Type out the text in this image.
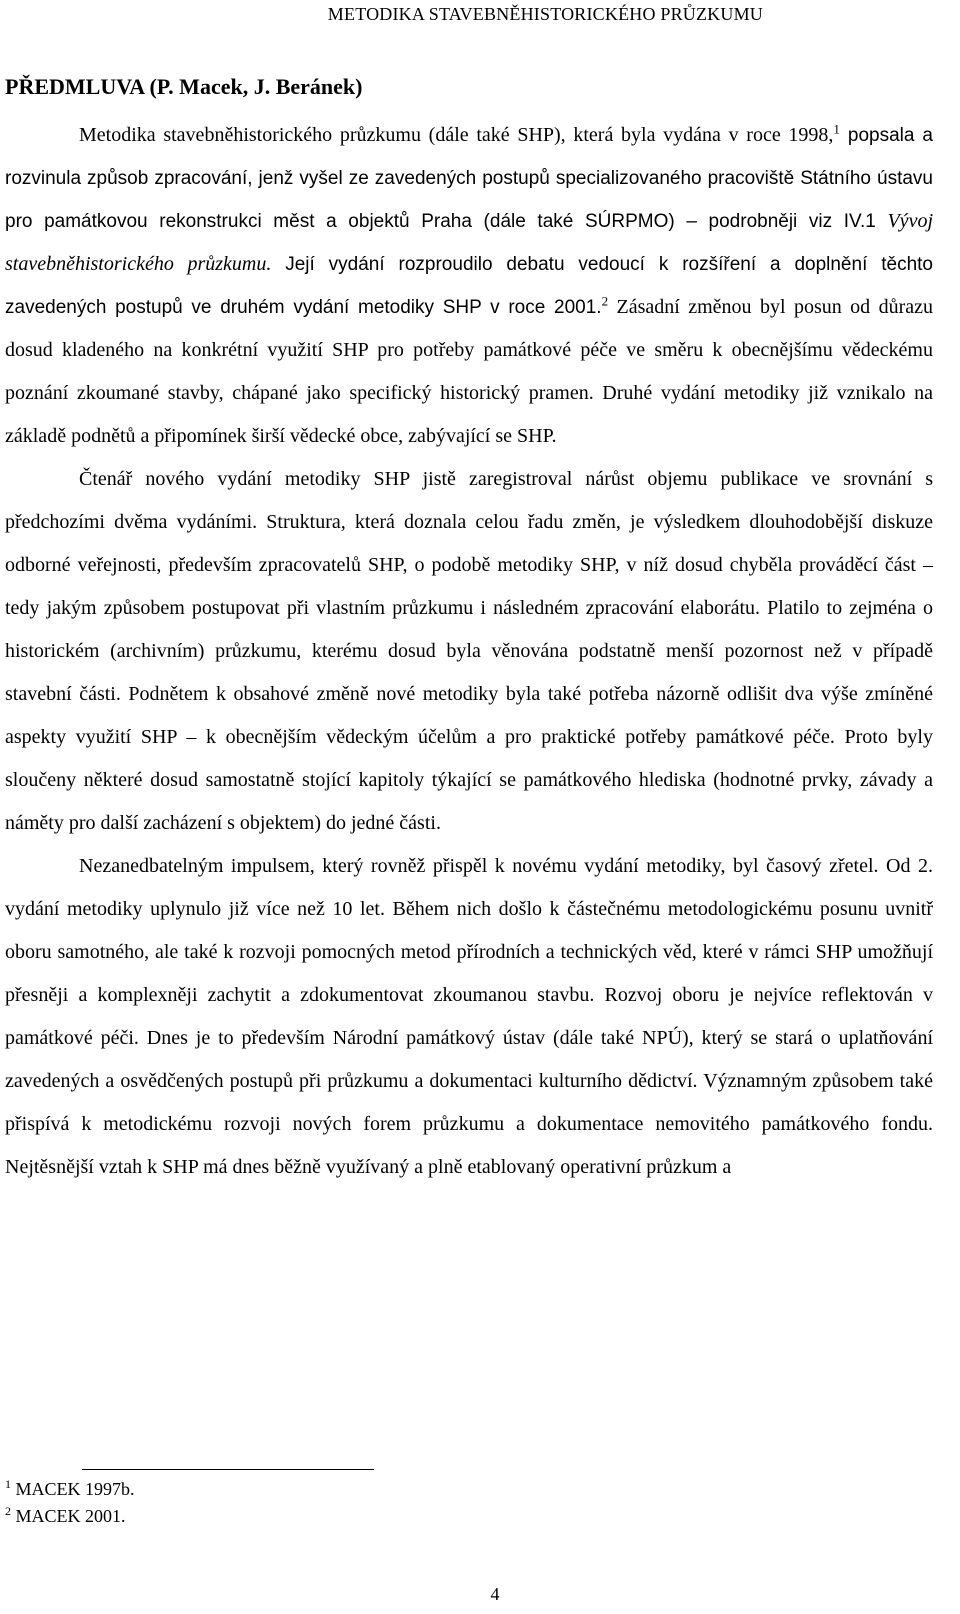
METODIKA STAVEBNĚHISTORICKÉHO PRŮZKUMU
PŘEDMLUVA (P. Macek, J. Beránek)

Metodika stavebněhistorického průzkumu (dále také SHP), která byla vydána v roce 1998,$^1$ popsala a rozvinula způsob zpracování, jenž vyšel ze zavedených postupů specializovaného pracoviště Státního ústavu pro památkovou rekonstrukci měst a objektů Praha (dále také SÚRPMO) ‒ podrobněji viz IV.1 Vývoj stavebněhistorického průzkumu. Její vydání rozproudilo debatu vedoucí k rozšíření a doplnění těchto zavedených postupů ve druhém vydání metodiky SHP v roce 2001.$^2$ Zásadní změnou byl posun od důrazu dosud kladeného na konkrétní využití SHP pro potřeby památkové péče ve směru k obecnějšímu vědeckému poznání zkoumané stavby, chápané jako specifický historický pramen. Druhé vydání metodiky již vznikalo na základě podnětů a připomínek širší vědecké obce, zabývající se SHP.

Čtenář nového vydání metodiky SHP jistě zaregistroval nárůst objemu publikace ve srovnání s předchozími dvěma vydáními. Struktura, která doznala celou řadu změn, je výsledkem dlouhodobější diskuze odborné veřejnosti, především zpracovatelů SHP, o podobě metodiky SHP, v níž dosud chyběla prováděcí část ‒ tedy jakým způsobem postupovat při vlastním průzkumu i následném zpracování elaborátu. Platilo to zejména o historickém (archivním) průzkumu, kterému dosud byla věnována podstatně menší pozornost než v případě stavební části. Podnětem k obsahové změně nové metodiky byla také potřeba názorně odlišit dva výše zmíněné aspekty využití SHP ‒ k obecnějším vědeckým účelům a pro praktické potřeby památkové péče. Proto byly sloučeny některé dosud samostatně stojící kapitoly týkající se památkového hlediska (hodnotné prvky, závady a náměty pro další zacházení s objektem) do jedné části.

Nezanedbatelným impulsem, který rovněž přispěl k novému vydání metodiky, byl časový zřetel. Od 2. vydání metodiky uplynulo již více než 10 let. Během nich došlo k částečnému metodologickému posunu uvnitř oboru samotného, ale také k rozvoji pomocných metod přírodních a technických věd, které v rámci SHP umožňují přesněji a komplexněji zachytit a zdokumentovat zkoumanou stavbu. Rozvoj oboru je nejvíce reflektován v památkové péči. Dnes je to především Národní památkový ústav (dále také NPÚ), který se stará o uplatňování zavedených a osvědčených postupů při průzkumu a dokumentaci kulturního dědictví. Významným způsobem také přispívá k metodickému rozvoji nových forem průzkumu a dokumentace nemovitého památkového fondu. Nejtěsnější vztah k SHP má dnes běžně využívaný a plně etablovaný operativní průzkum a

$^1$ MACEK 1997b.
$^2$ MACEK 2001.
4
